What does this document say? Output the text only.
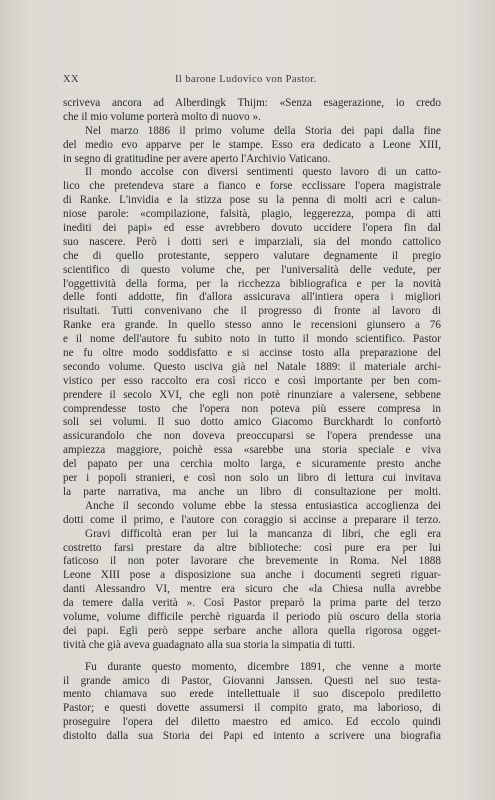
XX	Il barone Ludovico von Pastor.
scriveva ancora ad Alberdingk Thijm: «Senza esagerazione, io credo
che il mio volume porterà molto di nuovo ».
Nel marzo 1886 il primo volume della Storia dei papi dalla fine
del medio evo apparve per le stampe. Esso era dedicato a Leone XIII,
in segno di gratitudine per avere aperto l'Archivio Vaticano.
Il mondo accolse con diversi sentimenti questo lavoro di un catto-
lico che pretendeva stare a fianco e forse ecclissare l'opera magistrale
di Ranke. L'invidia e la stizza pose su la penna di molti acri e calun-
niose parole: «compilazione, falsità, plagio, leggerezza, pompa di atti
inediti dei papi» ed esse avrebbero dovuto uccidere l'opera fin dal
suo nascere. Però i dotti seri e imparziali, sia del mondo cattolico
che di quello protestante, seppero valutare degnamente il pregio
scientifico di questo volume che, per l'universalità delle vedute, per
l'oggettività della forma, per la ricchezza bibliografica e per la novità
delle fonti addotte, fin d'allora assicurava all'intiera opera i migliori
risultati. Tutti convenivano che il progresso di fronte al lavoro di
Ranke era grande. In quello stesso anno le recensioni giunsero a 76
e il nome dell'autore fu subito noto in tutto il mondo scientifico. Pastor
ne fu oltre modo soddisfatto e si accinse tosto alla preparazione del
secondo volume. Questo usciva già nel Natale 1889: il materiale archi-
vistico per esso raccolto era così ricco e così importante per ben com-
prendere il secolo XVI, che egli non potè rinunziare a valersene, sebbene
comprendesse tosto che l'opera non poteva più essere compresa in
soli sei volumi. Il suo dotto amico Giacomo Burckhardt lo confortò
assicurandolo che non doveva preoccuparsi se l'opera prendesse una
ampiezza maggiore, poichè essa «sarebbe una storia speciale e viva
del papato per una cerchia molto larga, e sicuramente presto anche
per i popoli stranieri, e così non solo un libro di lettura cui invitava
la parte narrativa, ma anche un libro di consultazione per molti.
Anche il secondo volume ebbe la stessa entusiastica accoglienza dei
dotti come il primo, e l'autore con coraggio si accinse a preparare il terzo.
Gravi difficoltà eran per lui la mancanza di libri, che egli era
costretto farsi prestare da altre biblioteche: così pure era per lui
faticoso il non poter lavorare che brevemente in Roma. Nel 1888
Leone XIII pose a disposizione sua anche i documenti segreti riguar-
danti Alessandro VI, mentre era sicuro che «la Chiesa nulla avrebbe
da temere dalla verità ». Così Pastor preparò la prima parte del terzo
volume, volume difficile perchè riguarda il periodo più oscuro della storia
dei papi. Egli però seppe serbare anche allora quella rigorosa ogget-
tività che già aveva guadagnato alla sua storia la simpatia di tutti.
Fu durante questo momento, dicembre 1891, che venne a morte
il grande amico di Pastor, Giovanni Janssen. Questi nel suo testa-
mento chiamava suo erede intellettuale il suo discepolo prediletto
Pastor; e questi dovette assumersi il compito grato, ma laborioso, di
proseguire l'opera del diletto maestro ed amico. Ed eccolo quindi
distolto dalla sua Storia dei Papi ed intento a scrivere una biografia
